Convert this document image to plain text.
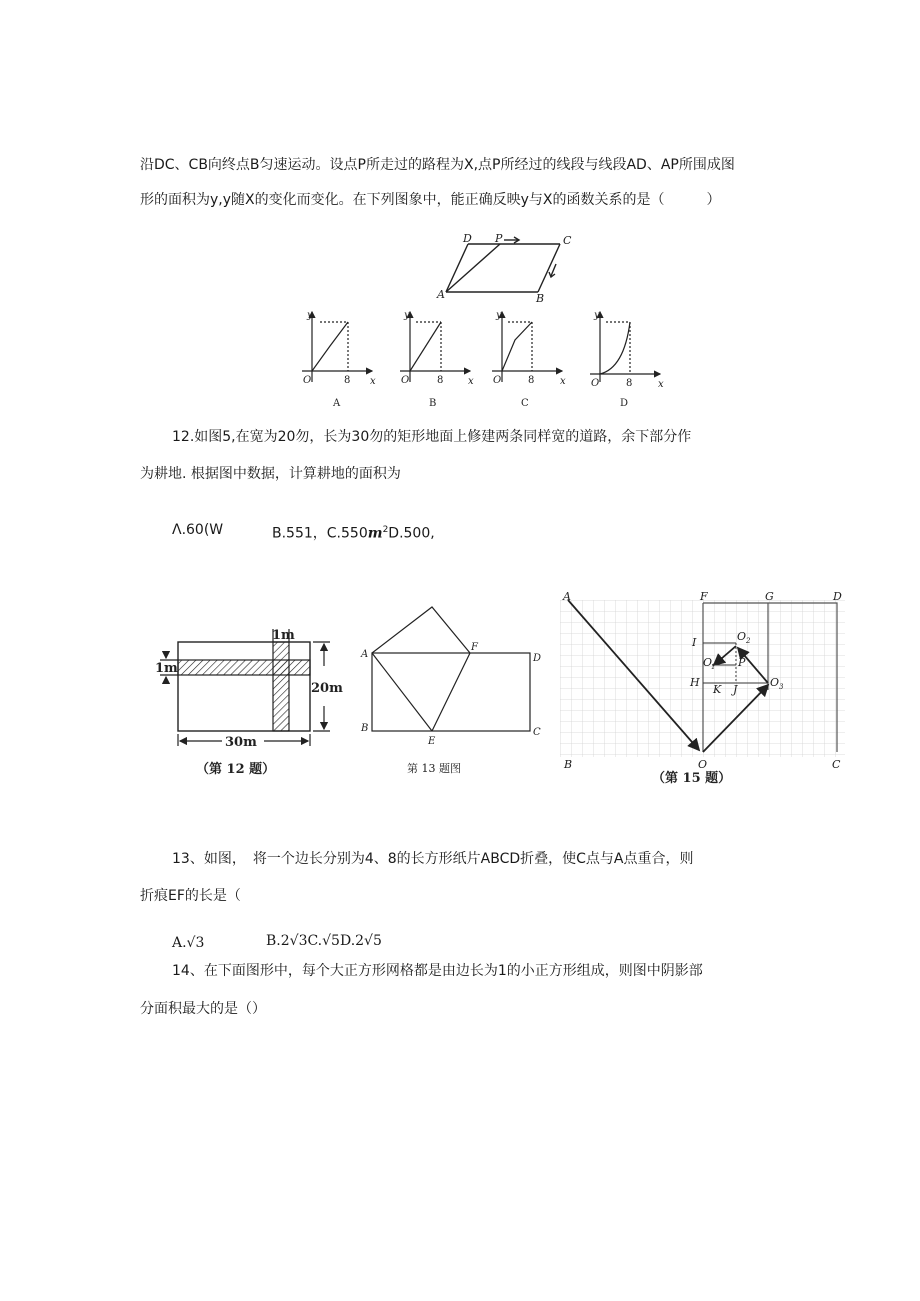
沿DC、CB向终点B匀速运动。设点P所走过的路程为X,点P所经过的线段与线段AD、AP所围成图
形的面积为y,y随X的变化而变化。在下列图象中，能正确反映y与X的函数关系的是（　　　）
D P	C
A	B
y
x
O	8
A
y
x
O	8
B
y
x
O	8
C
y
x
O	8
D
12.如图5,在宽为20勿，长为30勿的矩形地面上修建两条同样宽的道路，余下部分作
为耕地. 根据图中数据，计算耕地的面积为
Λ.60(W	B.551，$C.550m^2D.500$,
1m
1m
20m
30m
（第 12 题）
A
F
D
B
E
C
第 13 题图
A	F	G	D
I	O 2
O
1 P
H
K J
O 3
B	O	C
（第 15 题）
13、如图，　将一个边长分别为4、8的长方形纸片ABCD折叠，使C点与A点重合，则
折痕EF的长是（
A.√3	B.2√3C.√5D.2√5
14、在下面图形中，每个大正方形网格都是由边长为1的小正方形组成，则图中阴影部
分面积最大的是（）
